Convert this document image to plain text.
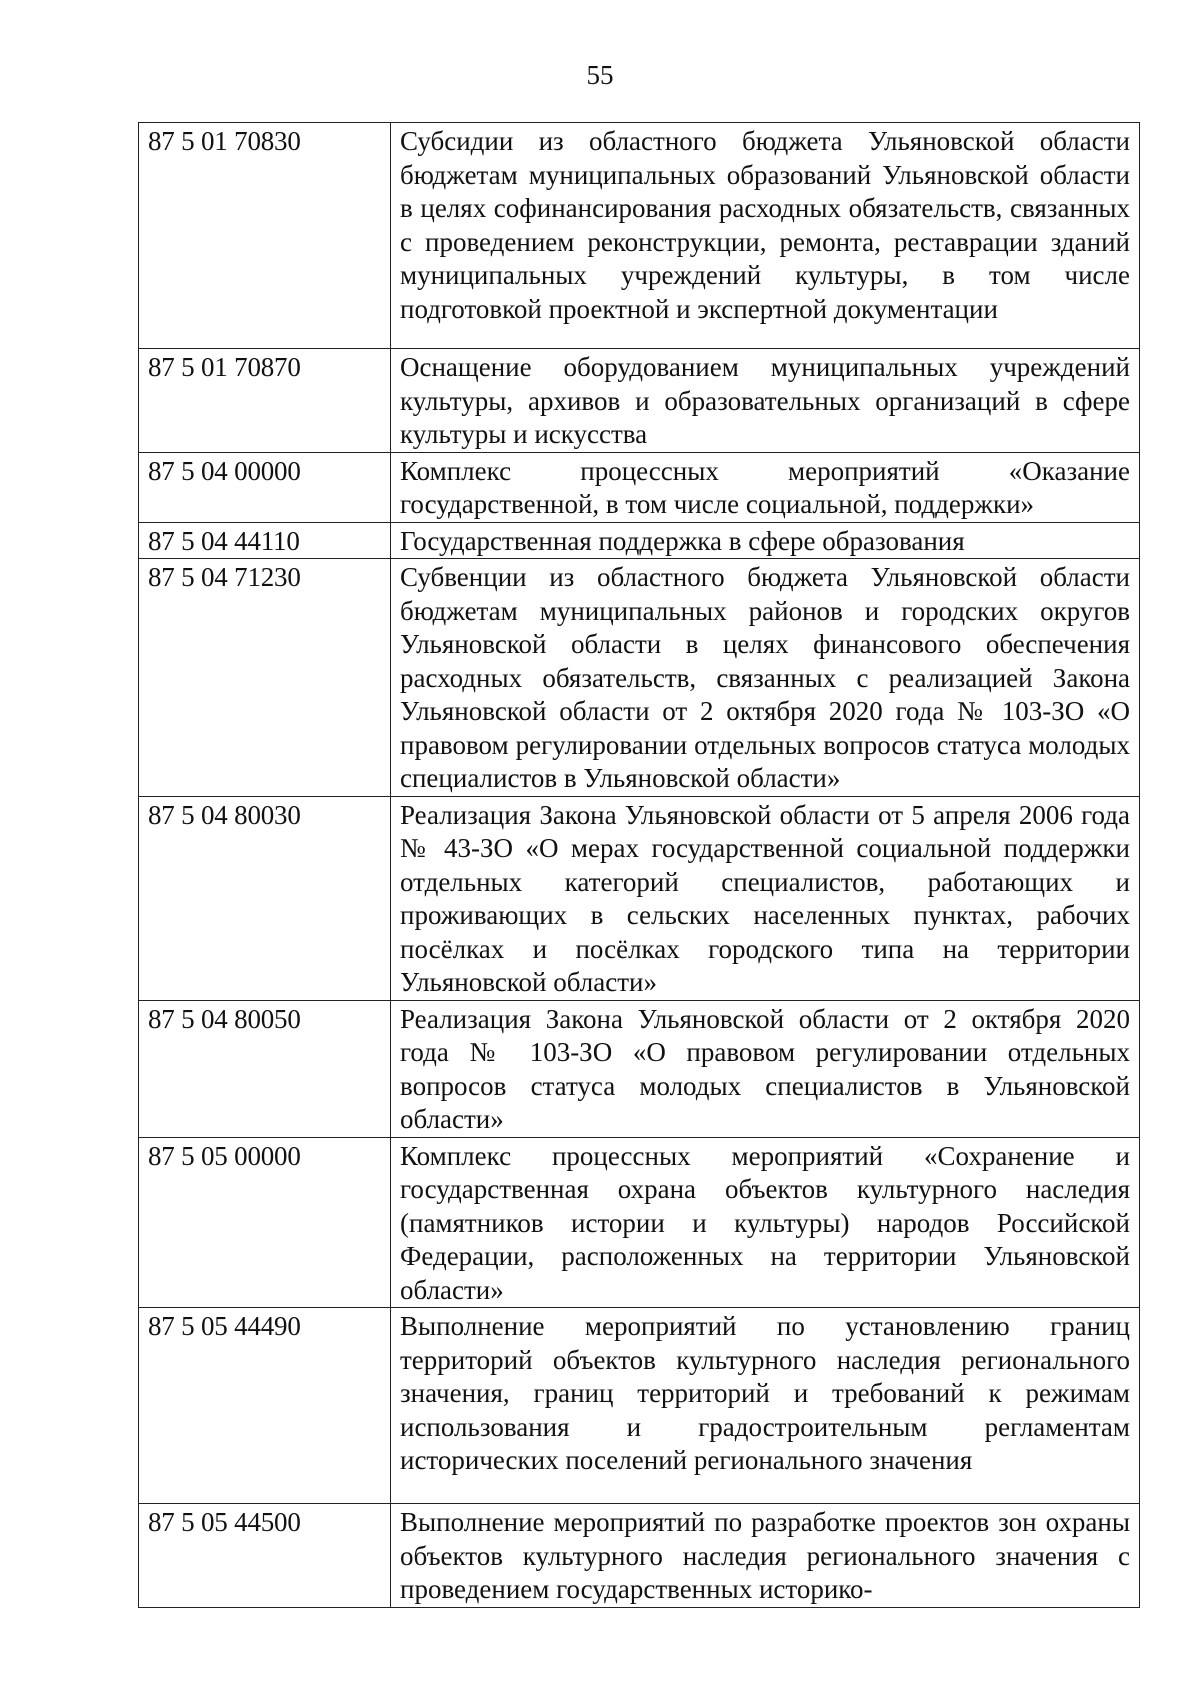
55
87 5 01 70830	Субсидии из областного бюджета Ульяновской области бюджетам муниципальных образований Ульяновской области в целях софинансирования расходных обязательств, связанных с проведением реконструкции, ремонта, реставрации зданий муниципальных учреждений культуры, в том числе подготовкой проектной и экспертной документации
87 5 01 70870	Оснащение оборудованием муниципальных учреждений культуры, архивов и образовательных организаций в сфере культуры и искусства
87 5 04 00000	Комплекс процессных мероприятий «Оказание государственной, в том числе социальной, поддержки»
87 5 04 44110	Государственная поддержка в сфере образования
87 5 04 71230	Субвенции из областного бюджета Ульяновской области бюджетам муниципальных районов и городских округов Ульяновской области в целях финансового обеспечения расходных обязательств, связанных с реализацией Закона Ульяновской области от 2 октября 2020 года № 103-ЗО «О правовом регулировании отдельных вопросов статуса молодых специалистов в Ульяновской области»
87 5 04 80030	Реализация Закона Ульяновской области от 5 апреля 2006 года № 43-ЗО «О мерах государственной социальной поддержки отдельных категорий специалистов, работающих и проживающих в сельских населенных пунктах, рабочих посёлках и посёлках городского типа на территории Ульяновской области»
87 5 04 80050	Реализация Закона Ульяновской области от 2 октября 2020 года № 103-ЗО «О правовом регулировании отдельных вопросов статуса молодых специалистов в Ульяновской области»
87 5 05 00000	Комплекс процессных мероприятий «Сохранение и государственная охрана объектов культурного наследия (памятников истории и культуры) народов Российской Федерации, расположенных на территории Ульяновской области»
87 5 05 44490	Выполнение мероприятий по установлению границ территорий объектов культурного наследия регионального значения, границ территорий и требований к режимам использования и градостроительным регламентам исторических поселений регионального значения
87 5 05 44500	Выполнение мероприятий по разработке проектов зон охраны объектов культурного наследия регионального значения с проведением государственных историко-
